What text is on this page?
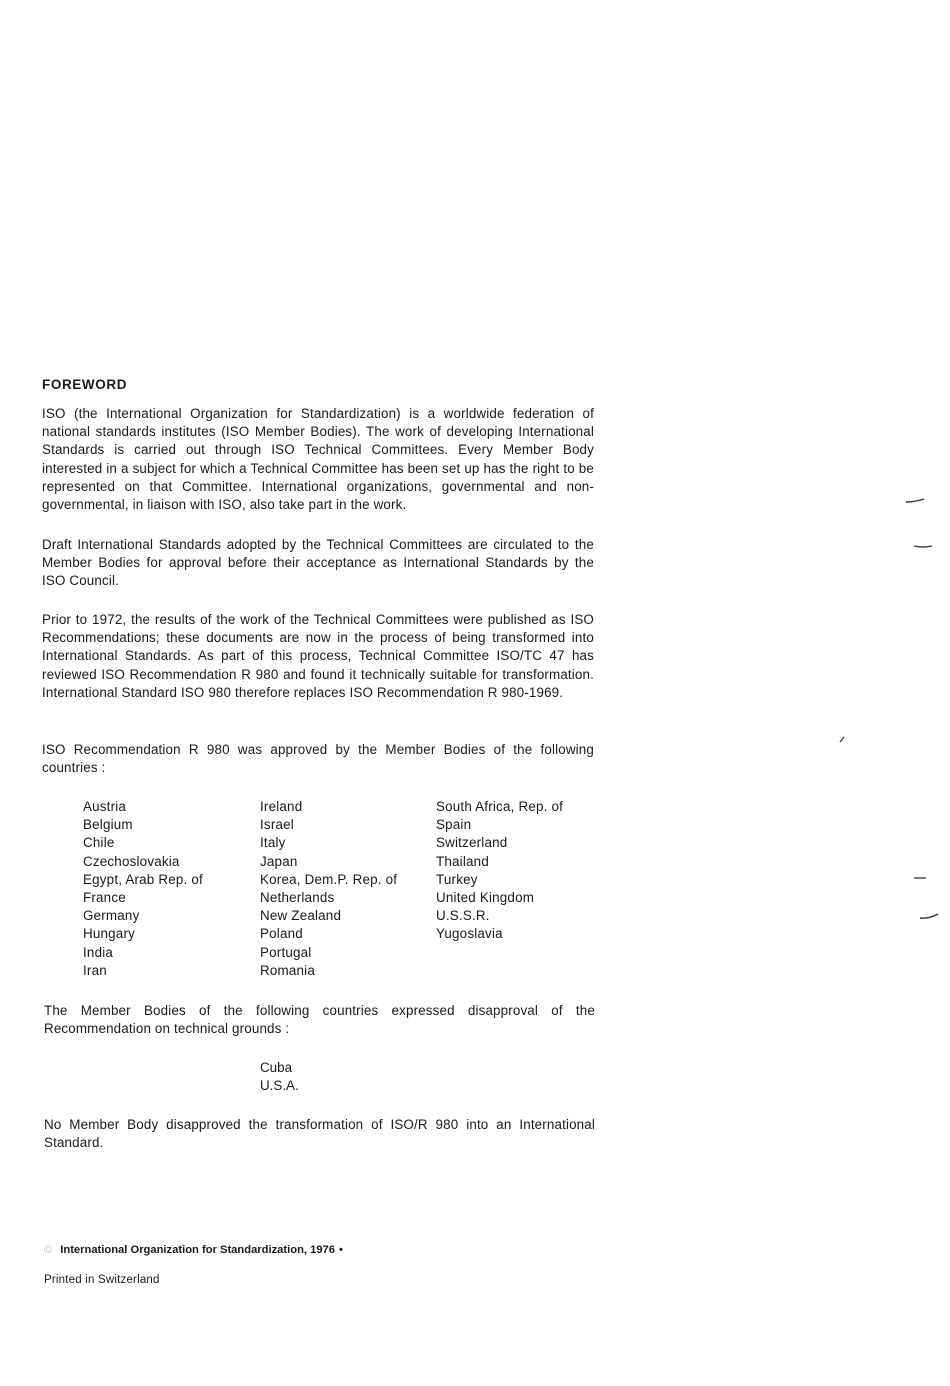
FOREWORD

ISO (the International Organization for Standardization) is a worldwide federation of national standards institutes (ISO Member Bodies). The work of developing International Standards is carried out through ISO Technical Committees. Every Member Body interested in a subject for which a Technical Committee has been set up has the right to be represented on that Committee. International organizations, governmental and non-governmental, in liaison with ISO, also take part in the work.

Draft International Standards adopted by the Technical Committees are circulated to the Member Bodies for approval before their acceptance as International Standards by the ISO Council.

Prior to 1972, the results of the work of the Technical Committees were published as ISO Recommendations; these documents are now in the process of being transformed into International Standards. As part of this process, Technical Committee ISO/TC 47 has reviewed ISO Recommendation R 980 and found it technically suitable for transformation. International Standard ISO 980 therefore replaces ISO Recommendation R 980-1969.

ISO Recommendation R 980 was approved by the Member Bodies of the following countries :

Austria
Belgium
Chile
Czechoslovakia
Egypt, Arab Rep. of
France
Germany
Hungary
India
Iran
Ireland
Israel
Italy
Japan
Korea, Dem.P. Rep. of
Netherlands
New Zealand
Poland
Portugal
Romania
South Africa, Rep. of
Spain
Switzerland
Thailand
Turkey
United Kingdom
U.S.S.R.
Yugoslavia

The Member Bodies of the following countries expressed disapproval of the Recommendation on technical grounds :

Cuba
U.S.A.

No Member Body disapproved the transformation of ISO/R 980 into an International Standard.

© International Organization for Standardization, 1976 •
Printed in Switzerland
